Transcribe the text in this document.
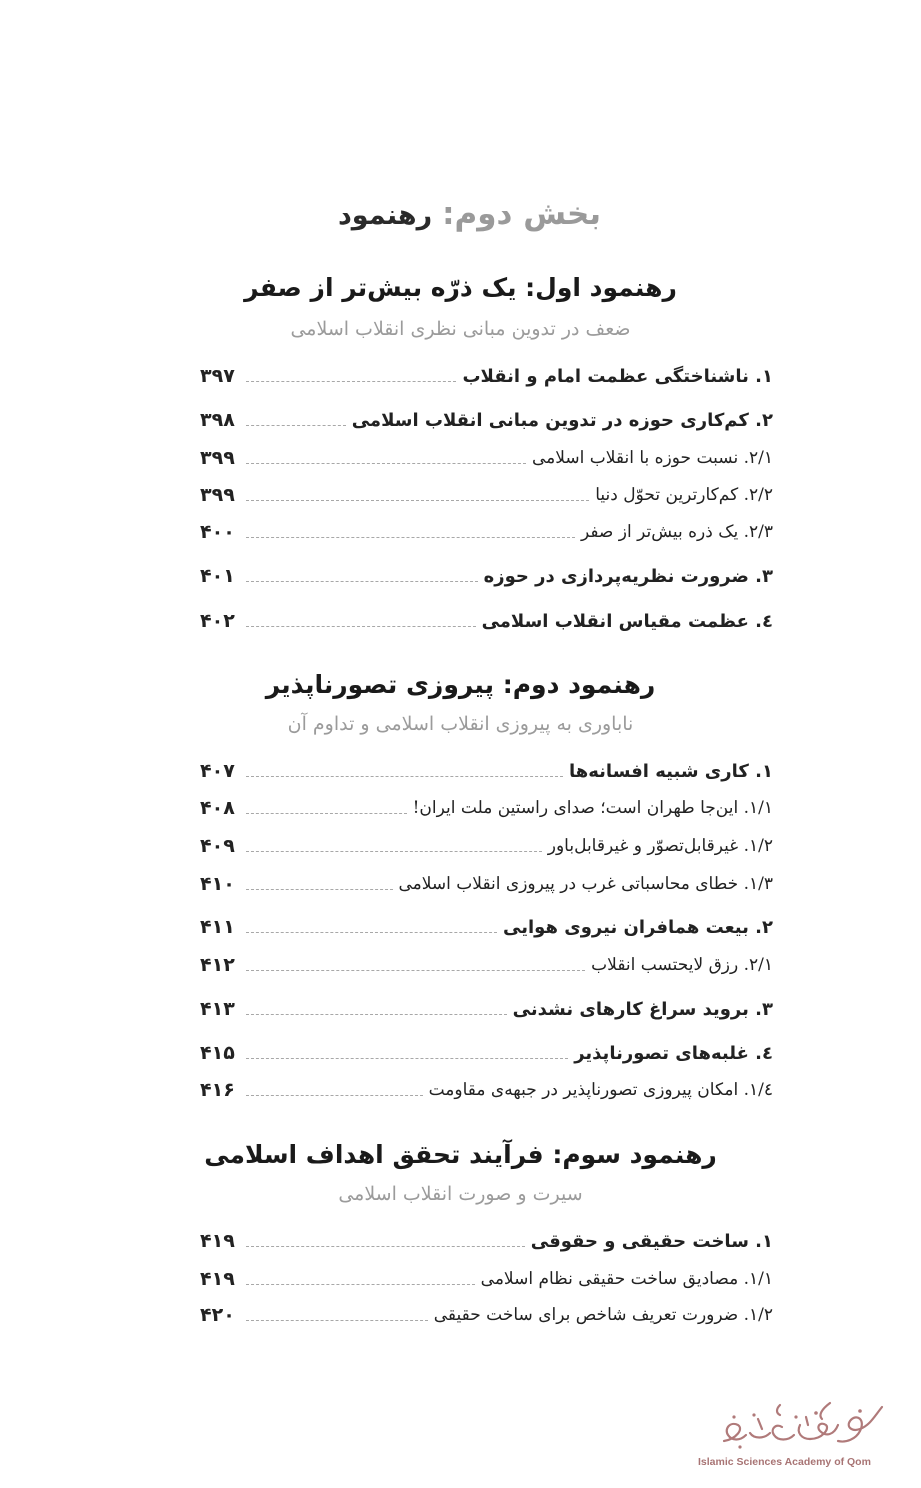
بخش دوم:
رهنمود
رهنمود اول: یک ذرّه بیش‌تر از صفر
ضعف در تدوین مبانی نظری انقلاب اسلامی
۱. ناشناختگی عظمت امام و انقلاب
۳۹۷
۲. کم‌کاری حوزه در تدوین مبانی انقلاب اسلامی
۳۹۸
۲/۱. نسبت حوزه با انقلاب اسلامی
۳۹۹
۲/۲. کم‌کارترین تحوّل دنیا
۳۹۹
۲/۳. یک ذره بیش‌تر از صفر
۴۰۰
۳. ضرورت نظریه‌پردازی در حوزه
۴۰۱
٤. عظمت مقیاس انقلاب اسلامی
۴۰۲
رهنمود دوم: پیروزی تصورناپذیر
ناباوری به پیروزی انقلاب اسلامی و تداوم آن
۱. کاری شبیه افسانه‌ها
۴۰۷
۱/۱. این‌جا طهران است؛ صدای راستین ملت ایران!
۴۰۸
۱/۲. غیرقابل‌تصوّر و غیرقابل‌باور
۴۰۹
۱/۳. خطای محاسباتی غرب در پیروزی انقلاب اسلامی
۴۱۰
۲. بیعت همافران نیروی هوایی
۴۱۱
۲/۱. رزق لایحتسب انقلاب
۴۱۲
۳. بروید سراغ کارهای نشدنی
۴۱۳
٤. غلبه‌های تصورناپذیر
۴۱۵
٤/۱. امکان پیروزی تصورناپذیر در جبهه‌ی مقاومت
۴۱۶
رهنمود سوم: فرآیند تحقق اهداف اسلامی
سیرت و صورت انقلاب اسلامی
۱. ساخت حقیقی و حقوقی
۴۱۹
۱/۱. مصادیق ساخت حقیقی نظام اسلامی
۴۱۹
۱/۲. ضرورت تعریف شاخص برای ساخت حقیقی
۴۲۰
Islamic Sciences Academy of Qom
